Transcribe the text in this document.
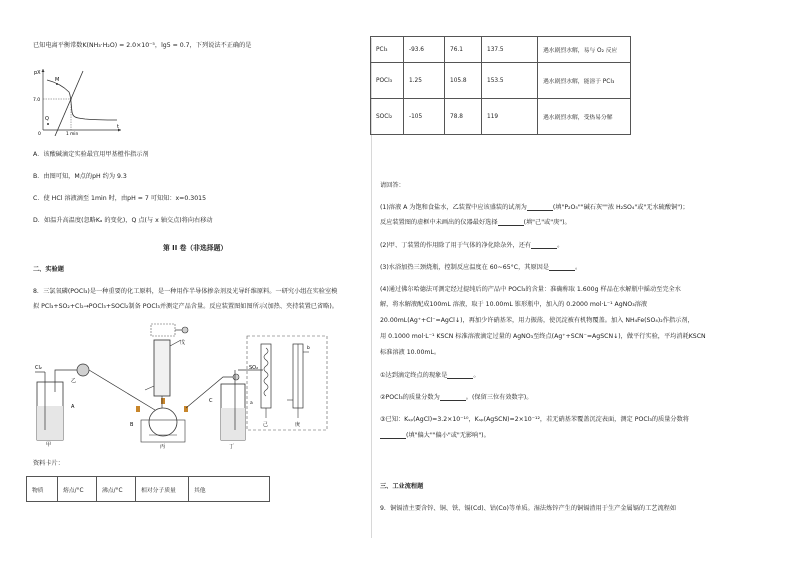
已知电离平衡常数K(NH₃·H₂O) = 2.0×10⁻⁵，lg5 = 0.7，下列说法不正确的是
pX
M
Q
7.0
1 min
t
0
A．该酸碱滴定实验最宜用甲基橙作指示剂
B．由图可知，M点的pH 约为 9.3
C．使 HCl 溶液滴至 1min 时，由pH = 7 可知知：x=0.3015
D．如温升高温度(忽略Kₐ 的变化)，Q 点(与 x 轴交点)将向右移动
第 II 卷（非选择题）
二、实验题
8．三氯氧磷(POCl₃)是一种重要的化工原料，是一种用作半导体掺杂剂及光导纤维原料。一研究小组在实验室模
拟 PCl₃+SO₂+Cl₂→POCl₃+SOCl₂制备 POCl₃并测定产品含量。反应装置图如图所示(加热、夹持装置已省略)。
Cl₂
A
甲
乙
B
丙
C
丁
戊
SO₂
己	庚
a
b
资料卡片：
物质	熔点/°C	沸点/°C	相对分子质量	其他
PCl₃	-93.6	76.1	137.5	遇水剧烈水解，易与 O₂ 反应
POCl₃	1.25	105.8	153.5	遇水剧烈水解，能溶于 PCl₃
SOCl₂	-105	78.8	119	遇水剧烈水解，受热易分解
请回答：
(1)溶液 A 为饱和食盐水，乙装置中应该盛装的试剂为	(填"P₂O₅""碱石灰""浓 H₂SO₄"或"无水硫酸铜")；
反应装置图的虚框中未画出的仪器最好选择	(填"己"或"庚")。
(2)甲、丁装置的作用除了用于气体的净化除杂外，还有	。
(3)水浴加热三颈烧瓶，控制反应温度在 60~65°C，其原因是	。
(4)通过佛尔哈德法可测定经过提纯后的产品中 POCl₃的含量：准确称取 1.600g 样品在水解瓶中摇动至完全水
解，将水解液配成100mL 溶液，取于 10.00mL 锥形瓶中，加入的 0.2000 mol·L⁻¹ AgNO₃溶液
20.00mL(Ag⁺+Cl⁻=AgCl↓)，再加少许硝基苯，用力振荡，使沉淀被有机物覆盖。加入 NH₄Fe(SO₄)₂作指示剂，
用 0.1000 mol·L⁻¹ KSCN 标准溶液滴定过量的 AgNO₃至终点(Ag⁺+SCN⁻=AgSCN↓)，做平行实验，平均消耗KSCN
标准溶液 10.00mL。
①达到滴定终点的现象是	。
②POCl₃的质量分数为	。(保留三位有效数字)。
③已知：Kₛₚ(AgCl)=3.2×10⁻¹⁰，Kₛₚ(AgSCN)=2×10⁻¹²，若无硝基苯覆盖沉淀表面，测定 POCl₃的质量分数将
(填"偏大""偏小"或"无影响")。
三、工业流程题
9．铜镉渣主要含锌、铜、铁、镉(Cd)、钴(Co)等单质。湿法炼锌产生的铜镉渣用于生产金属镉的工艺流程如
